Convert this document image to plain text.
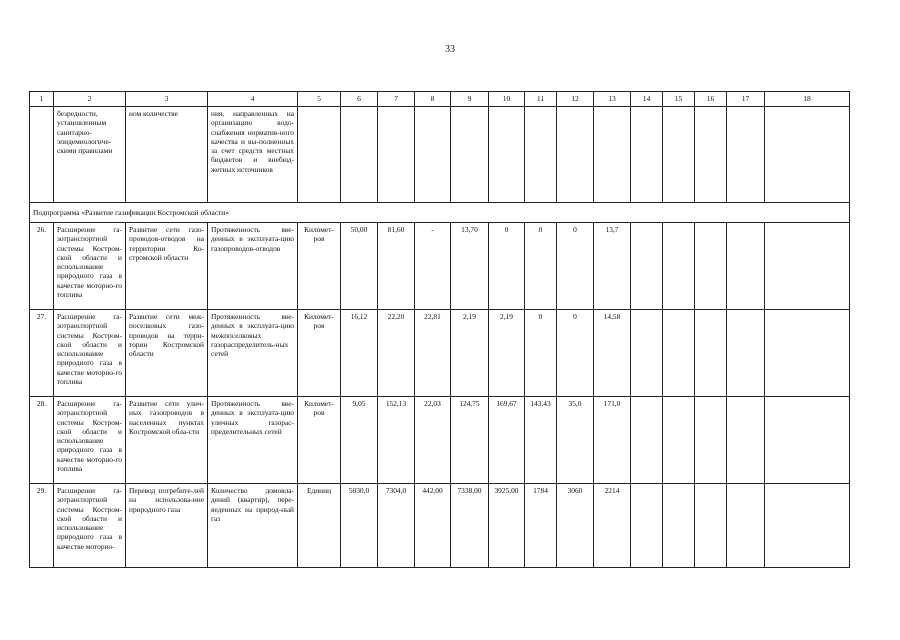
33
1	2	3	4	5	6	7	8	9	10	11	12	13	14	15	16	17	18	
	безредности, установленным санитарно-эпидемиологиче-скими правилами	ном количестве	ния, направленных на организацию водо-снабжения норматив-ного качества и вы-полненных за счет средств местных бюджетов и внебюд-жетных источников															
Подпрограмма «Развитие газификации Костромской области»																		
26.	Расширение га-зотранспортной системы Костром-ской области и использование природного газа в качестве моторно-го топлива	Развитие сети газо-проводов-отводов на территории Ко-стромской области	Протяженность вве-денных в эксплуата-цию газопроводов-отводов	Километ-ров	50,00	81,60	-	13,70	0	0	0	13,7						
27.	Расширение га-зотранспортной системы Костром-ской области и использование природного газа в качестве моторно-го топлива	Развитие сети меж-поселковых газо-проводов на терри-тории Костромской области	Протяженность вве-денных в эксплуата-цию межпоселковых газораспределитель-ных сетей	Километ-ров	16,12	22,20	22,81	2,19	2,19	0	0	14,58						
28.	Расширение га-зотранспортной системы Костром-ской области и использование природного газа в качестве моторно-го топлива	Развитие сети улич-ных газопроводов в населенных пунктах Костромской обла-сти	Протяженность вве-денных в эксплуата-цию уличных газорас-пределительных сетей	Километ-ров	9,05	152,13	22,03	124,75	169,67	143,43	35,0	171,0						
29.	Расширение га-зотранспортной системы Костром-ской области и использование природного газа в качестве моторно-	Перевод потребите-лей на использова-ние природного газа	Количество домовла-дений (квартир), пере-веденных на природ-ный газ	Единиц	5030,0	7304,0	442,00	7338,00	3925,00	1784	3060	2214						
